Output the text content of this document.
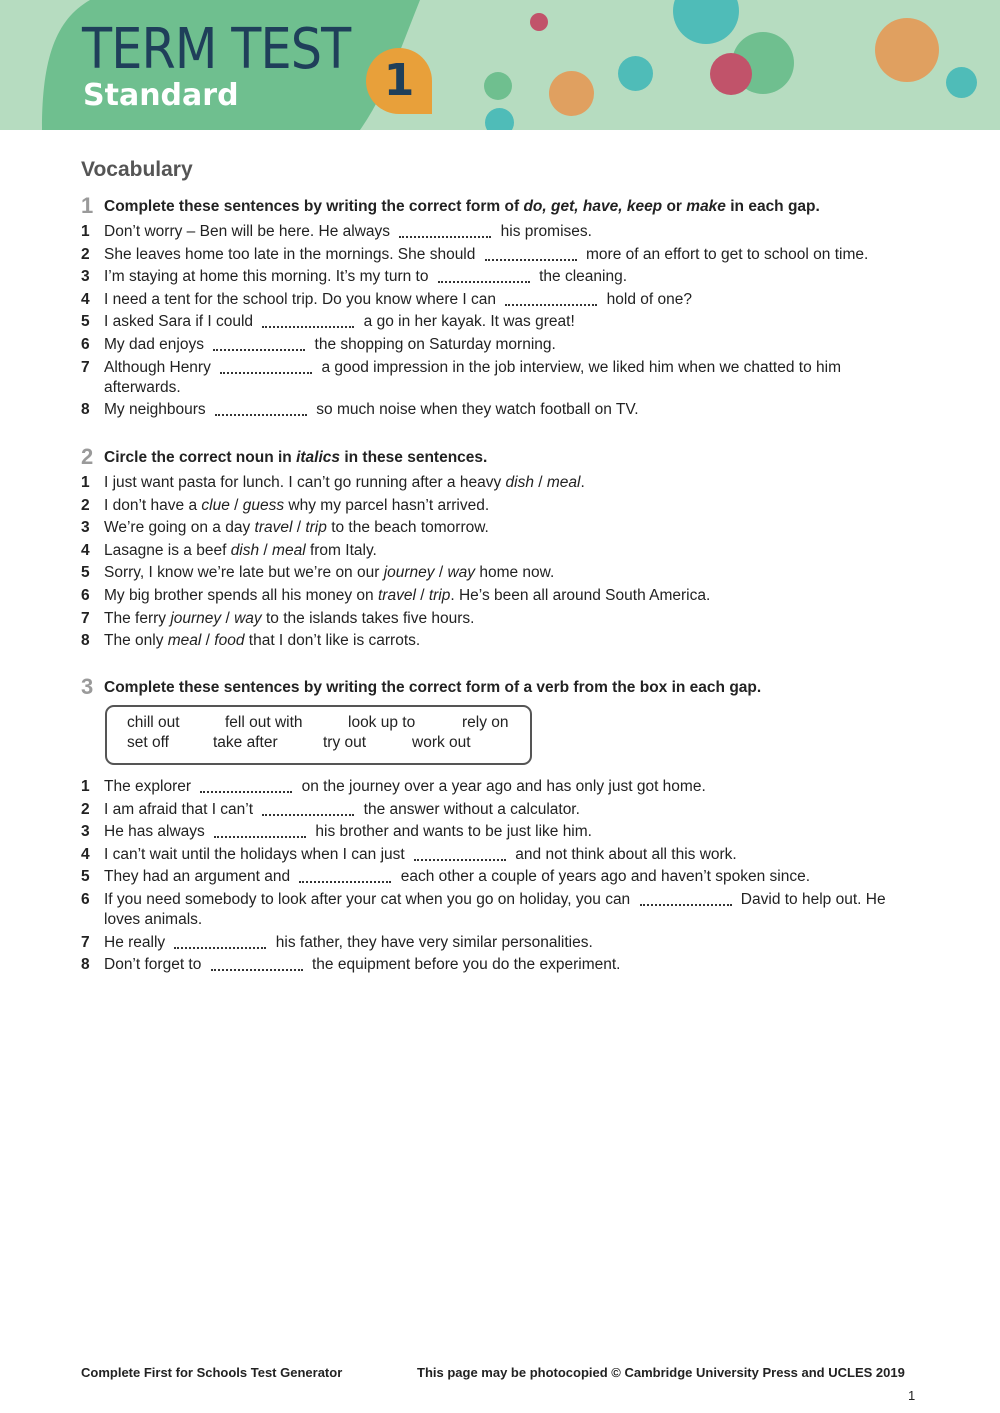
TERM TEST
Standard	1
Vocabulary
1 Complete these sentences by writing the correct form of do, get, have, keep or make in each gap.
1 Don’t worry – Ben will be here. He always	his promises.
2 She leaves home too late in the mornings. She should	more of an effort to get to school on time.
3 I’m staying at home this morning. It’s my turn to	the cleaning.
4 I need a tent for the school trip. Do you know where I can	hold of one?
5 I asked Sara if I could	a go in her kayak. It was great!
6 My dad enjoys	the shopping on Saturday morning.
7 Although Henry	a good impression in the job interview, we liked him when we chatted to him afterwards.
8 My neighbours	so much noise when they watch football on TV.
2 Circle the correct noun in italics in these sentences.
1 I just want pasta for lunch. I can’t go running after a heavy dish / meal.
2 I don’t have a clue / guess why my parcel hasn’t arrived.
3 We’re going on a day travel / trip to the beach tomorrow.
4 Lasagne is a beef dish / meal from Italy.
5 Sorry, I know we’re late but we’re on our journey / way home now.
6 My big brother spends all his money on travel / trip. He’s been all around South America.
7 The ferry journey / way to the islands takes five hours.
8 The only meal / food that I don’t like is carrots.
3 Complete these sentences by writing the correct form of a verb from the box in each gap.
chill out	fell out with	look up to	rely on
set off	take after	try out	work out
1 The explorer	on the journey over a year ago and has only just got home.
2 I am afraid that I can’t	the answer without a calculator.
3 He has always	his brother and wants to be just like him.
4 I can’t wait until the holidays when I can just	and not think about all this work.
5 They had an argument and	each other a couple of years ago and haven’t spoken since.
6 If you need somebody to look after your cat when you go on holiday, you can	David to help out. He loves animals.
7 He really	his father, they have very similar personalities.
8 Don’t forget to	the equipment before you do the experiment.
Complete First for Schools Test Generator	This page may be photocopied © Cambridge University Press and UCLES 2019
1
